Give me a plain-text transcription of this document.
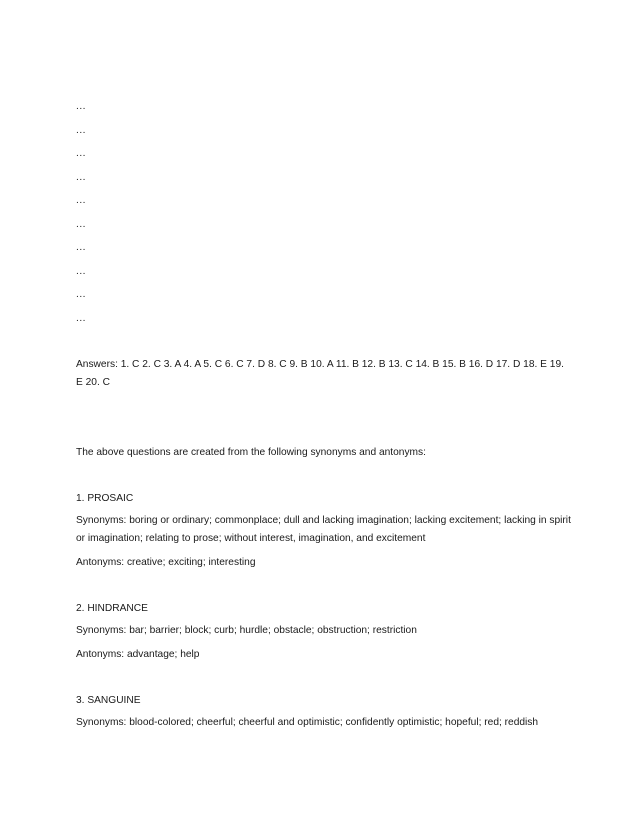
...
...
...
...
...
...
...
...
...
...

Answers: 1. C 2. C 3. A 4. A 5. C 6. C 7. D 8. C 9. B 10. A 11. B 12. B 13. C 14. B 15. B 16. D 17. D 18. E 19. E 20. C

The above questions are created from the following synonyms and antonyms:

1. PROSAIC

Synonyms: boring or ordinary; commonplace; dull and lacking imagination; lacking excitement; lacking in spirit or imagination; relating to prose; without interest, imagination, and excitement

Antonyms: creative; exciting; interesting

2. HINDRANCE

Synonyms: bar; barrier; block; curb; hurdle; obstacle; obstruction; restriction

Antonyms: advantage; help

3. SANGUINE

Synonyms: blood-colored; cheerful; cheerful and optimistic; confidently optimistic; hopeful; red; reddish
